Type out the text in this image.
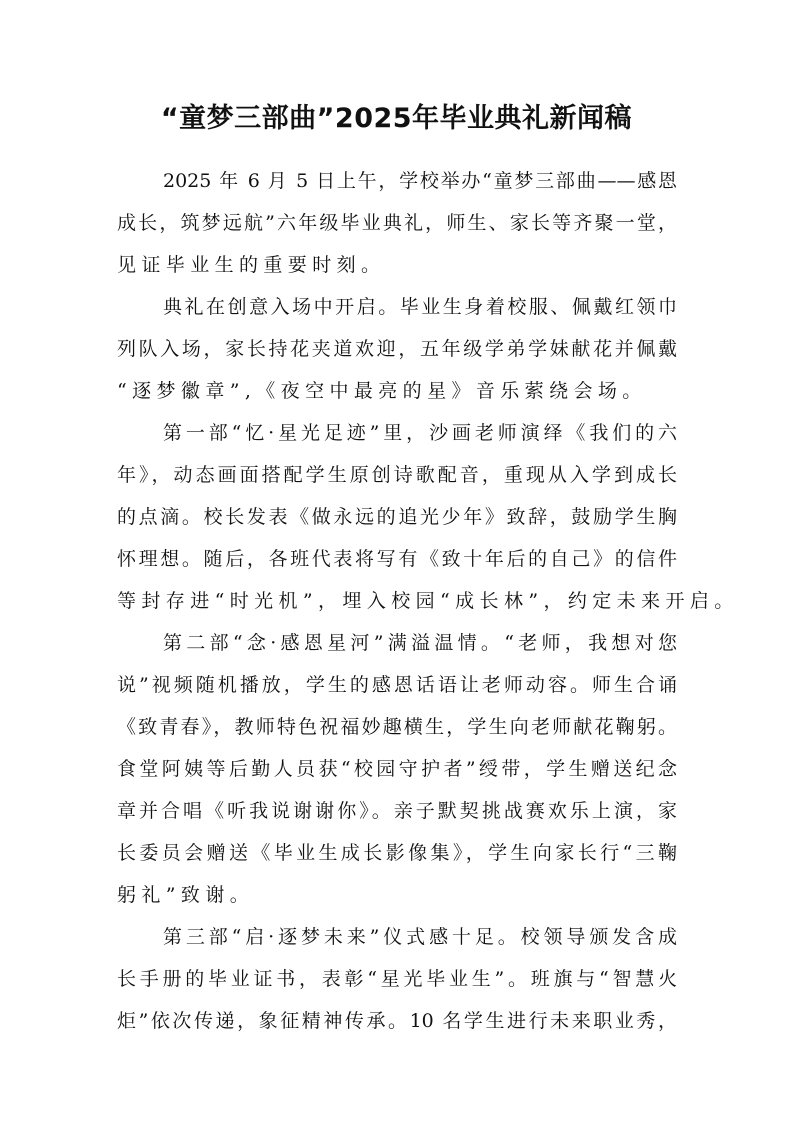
“童梦三部曲”2025年毕业典礼新闻稿
2025 年 6 月 5 日上午，学校举办“童梦三部曲——感恩
成长，筑梦远航”六年级毕业典礼，师生、家长等齐聚一堂，
见证毕业生的重要时刻。
典礼在创意入场中开启。毕业生身着校服、佩戴红领巾
列队入场，家长持花夹道欢迎，五年级学弟学妹献花并佩戴
“逐梦徽章”,《夜空中最亮的星》音乐萦绕会场。
第一部“忆·星光足迹”里，沙画老师演绎《我们的六
年》，动态画面搭配学生原创诗歌配音，重现从入学到成长
的点滴。校长发表《做永远的追光少年》致辞，鼓励学生胸
怀理想。随后，各班代表将写有《致十年后的自己》的信件
等封存进“时光机”，埋入校园“成长林”，约定未来开启。
第二部“念·感恩星河”满溢温情。“老师，我想对您
说”视频随机播放，学生的感恩话语让老师动容。师生合诵
《致青春》，教师特色祝福妙趣横生，学生向老师献花鞠躬。
食堂阿姨等后勤人员获“校园守护者”绶带，学生赠送纪念
章并合唱《听我说谢谢你》。亲子默契挑战赛欢乐上演，家
长委员会赠送《毕业生成长影像集》，学生向家长行“三鞠
躬礼”致谢。
第三部“启·逐梦未来”仪式感十足。校领导颁发含成
长手册的毕业证书，表彰“星光毕业生”。班旗与“智慧火
炬”依次传递，象征精神传承。10 名学生进行未来职业秀，
